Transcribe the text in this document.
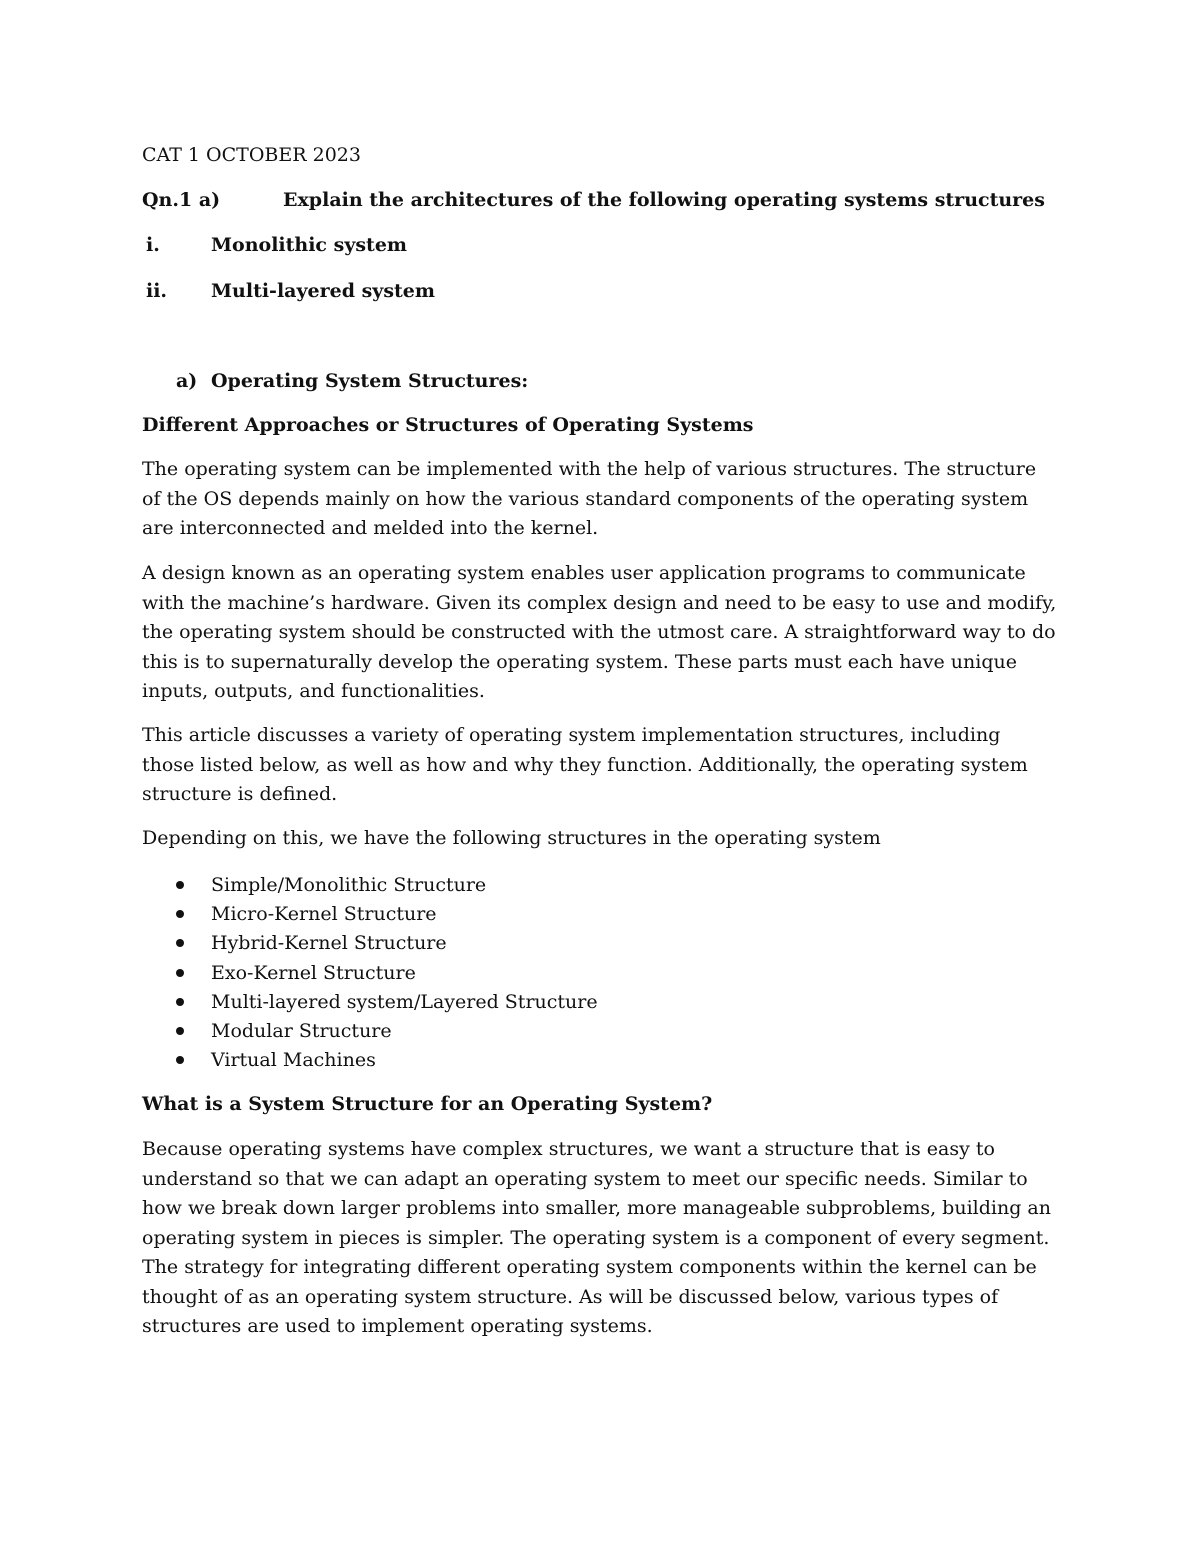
CAT 1 OCTOBER 2023
Qn.1 a)	Explain the architectures of the following operating systems structures
i.	Monolithic system
ii. Multi-layered system
a) Operating System Structures:
Different Approaches or Structures of Operating Systems

The operating system can be implemented with the help of various structures. The structure of the OS depends mainly on how the various standard components of the operating system are interconnected and melded into the kernel.

A design known as an operating system enables user application programs to communicate with the machine’s hardware. Given its complex design and need to be easy to use and modify, the operating system should be constructed with the utmost care. A straightforward way to do this is to supernaturally develop the operating system. These parts must each have unique inputs, outputs, and functionalities.

This article discusses a variety of operating system implementation structures, including those listed below, as well as how and why they function. Additionally, the operating system structure is defined.

Depending on this, we have the following structures in the operating system

Simple/Monolithic Structure
Micro-Kernel Structure
Hybrid-Kernel Structure
Exo-Kernel Structure
Multi-layered system/Layered Structure
Modular Structure
Virtual Machines
What is a System Structure for an Operating System?

Because operating systems have complex structures, we want a structure that is easy to understand so that we can adapt an operating system to meet our specific needs. Similar to how we break down larger problems into smaller, more manageable subproblems, building an operating system in pieces is simpler. The operating system is a component of every segment. The strategy for integrating different operating system components within the kernel can be thought of as an operating system structure. As will be discussed below, various types of structures are used to implement operating systems.
